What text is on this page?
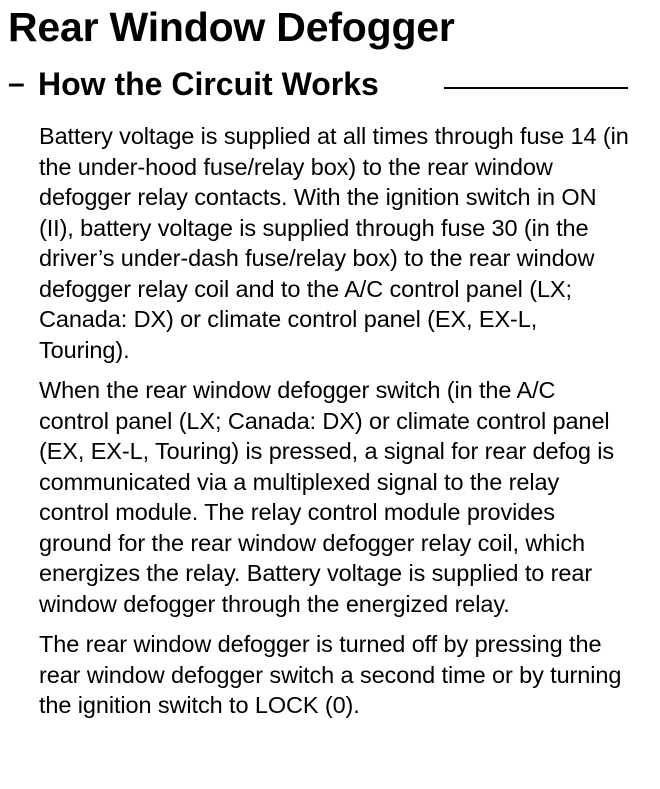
Rear Window Defogger
– How the Circuit Works

Battery voltage is supplied at all times through fuse 14 (in the under-hood fuse/relay box) to the rear window defogger relay contacts. With the ignition switch in ON (II), battery voltage is supplied through fuse 30 (in the driver’s under-dash fuse/relay box) to the rear window defogger relay coil and to the A/C control panel (LX; Canada: DX) or climate control panel (EX, EX-L, Touring).

When the rear window defogger switch (in the A/C control panel (LX; Canada: DX) or climate control panel (EX, EX-L, Touring) is pressed, a signal for rear defog is communicated via a multiplexed signal to the relay control module. The relay control module provides ground for the rear window defogger relay coil, which energizes the relay. Battery voltage is supplied to rear window defogger through the energized relay.

The rear window defogger is turned off by pressing the rear window defogger switch a second time or by turning the ignition switch to LOCK (0).
